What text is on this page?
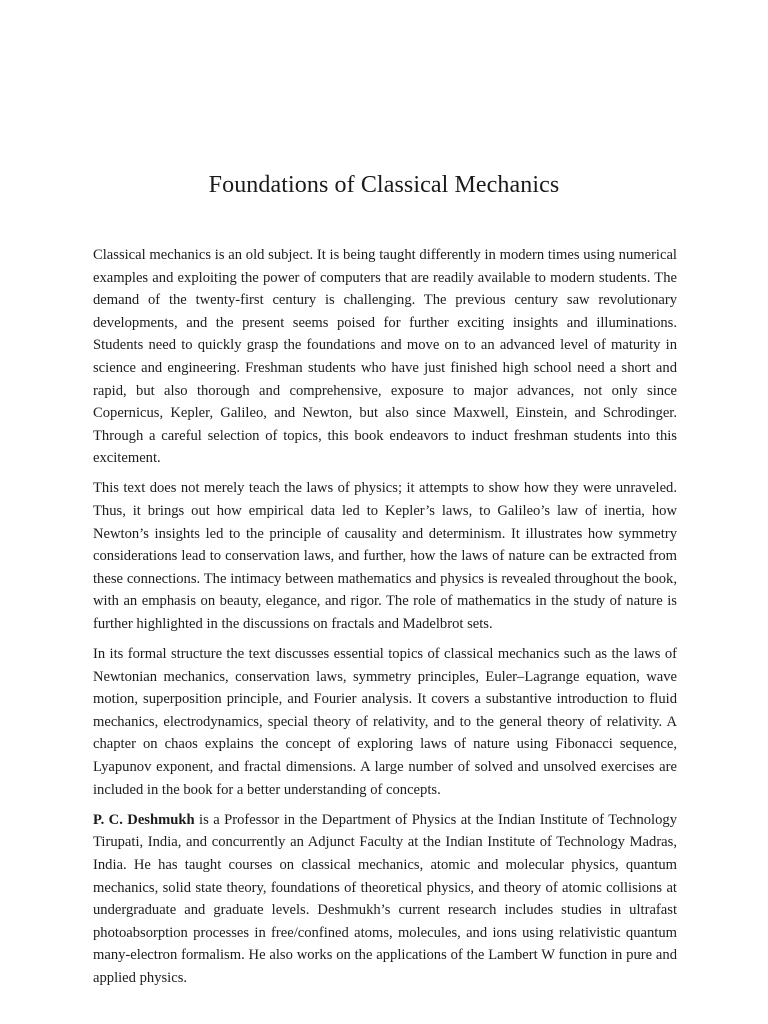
Foundations of Classical Mechanics

Classical mechanics is an old subject. It is being taught differently in modern times using numerical examples and exploiting the power of computers that are readily available to modern students. The demand of the twenty-first century is challenging. The previous century saw revolutionary developments, and the present seems poised for further exciting insights and illuminations. Students need to quickly grasp the foundations and move on to an advanced level of maturity in science and engineering. Freshman students who have just finished high school need a short and rapid, but also thorough and comprehensive, exposure to major advances, not only since Copernicus, Kepler, Galileo, and Newton, but also since Maxwell, Einstein, and Schrodinger. Through a careful selection of topics, this book endeavors to induct freshman students into this excitement.

This text does not merely teach the laws of physics; it attempts to show how they were unraveled. Thus, it brings out how empirical data led to Kepler’s laws, to Galileo’s law of inertia, how Newton’s insights led to the principle of causality and determinism. It illustrates how symmetry considerations lead to conservation laws, and further, how the laws of nature can be extracted from these connections. The intimacy between mathematics and physics is revealed throughout the book, with an emphasis on beauty, elegance, and rigor. The role of mathematics in the study of nature is further highlighted in the discussions on fractals and Madelbrot sets.

In its formal structure the text discusses essential topics of classical mechanics such as the laws of Newtonian mechanics, conservation laws, symmetry principles, Euler–Lagrange equation, wave motion, superposition principle, and Fourier analysis. It covers a substantive introduction to fluid mechanics, electrodynamics, special theory of relativity, and to the general theory of relativity. A chapter on chaos explains the concept of exploring laws of nature using Fibonacci sequence, Lyapunov exponent, and fractal dimensions. A large number of solved and unsolved exercises are included in the book for a better understanding of concepts.

P. C. Deshmukh is a Professor in the Department of Physics at the Indian Institute of Technology Tirupati, India, and concurrently an Adjunct Faculty at the Indian Institute of Technology Madras, India. He has taught courses on classical mechanics, atomic and molecular physics, quantum mechanics, solid state theory, foundations of theoretical physics, and theory of atomic collisions at undergraduate and graduate levels. Deshmukh’s current research includes studies in ultrafast photoabsorption processes in free/confined atoms, molecules, and ions using relativistic quantum many-electron formalism. He also works on the applications of the Lambert W function in pure and applied physics.
